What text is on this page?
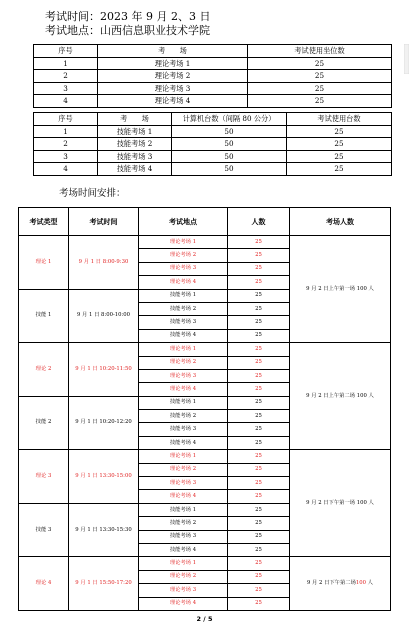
考试时间：2023 年 9 月 2、3 日
考试地点：山西信息职业技术学院
序号	考　　场	考试使用坐位数
1	理论考场 1	25
2	理论考场 2	25
3	理论考场 3	25
4	理论考场 4	25
序号	考　　场	计算机台数（间隔 80 公分）	考试使用台数
1	技能考场 1	50	25
2	技能考场 2	50	25
3	技能考场 3	50	25
4	技能考场 4	50	25
考场时间安排：
考试类型	考试时间	考试地点	人数	考场人数
理论 1	9 月 1 日 8:00-9:30	理论考场 1	25	9 月 2 日上午第一场 100 人
		理论考场 2	25	
		理论考场 3	25	
		理论考场 4	25	
技能 1	9 月 1 日 8:00-10:00	技能考场 1	25	
		技能考场 2	25	
		技能考场 3	25	
		技能考场 4	25	
理论 2	9 月 1 日 10:20-11:50	理论考场 1	25	9 月 2 日上午第二场 100 人
		理论考场 2	25	
		理论考场 3	25	
		理论考场 4	25	
技能 2	9 月 1 日 10:20-12:20	技能考场 1	25	
		技能考场 2	25	
		技能考场 3	25	
		技能考场 4	25	
理论 3	9 月 1 日 13:30-15:00	理论考场 1	25	9 月 2 日下午第一场 100 人
		理论考场 2	25	
		理论考场 3	25	
		理论考场 4	25	
技能 3	9 月 1 日 13:30-15:30	技能考场 1	25	
		技能考场 2	25	
		技能考场 3	25	
		技能考场 4	25	
理论 4	9 月 1 日 15:50-17:20	理论考场 1	25	9 月 2 日下午第二场100 人
		理论考场 2	25	
		理论考场 3	25	
		理论考场 4	25	
2 / 5
